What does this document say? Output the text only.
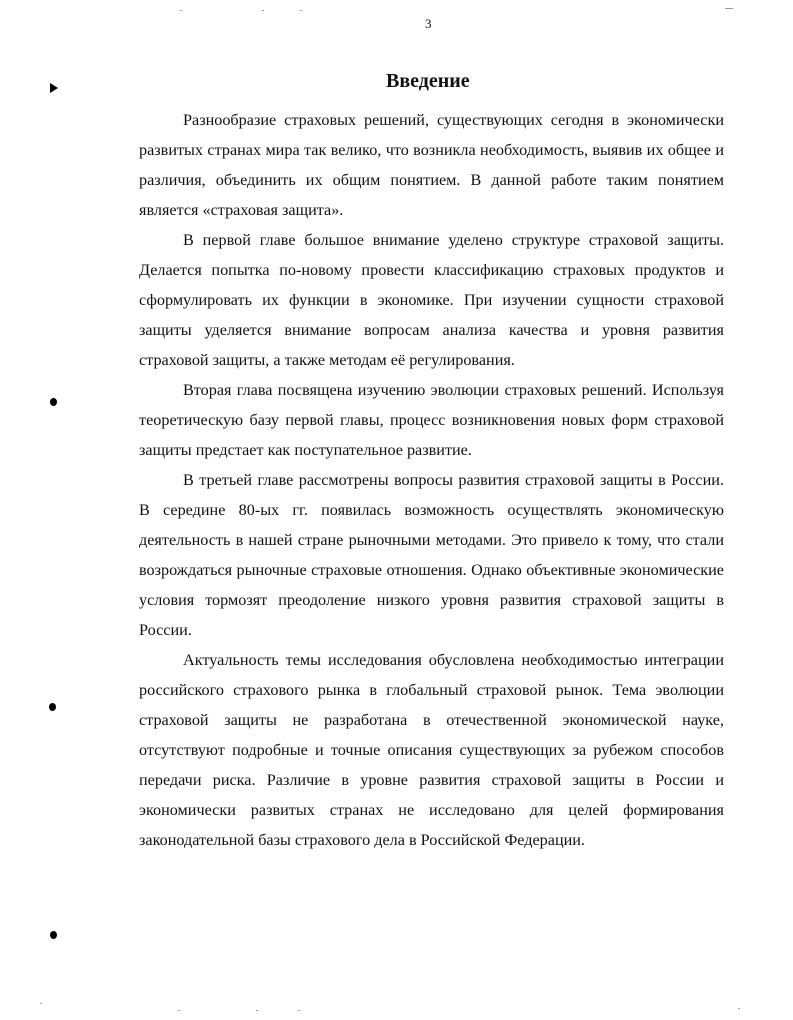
3
Введение

Разнообразие страховых решений, существующих сегодня в экономически развитых странах мира так велико, что возникла необходимость, выявив их общее и различия, объединить их общим понятием. В данной работе таким понятием является «страховая защита».

В первой главе большое внимание уделено структуре страховой защиты. Делается попытка по-новому провести классификацию страховых продуктов и сформулировать их функции в экономике. При изучении сущности страховой защиты уделяется внимание вопросам анализа качества и уровня развития страховой защиты, а также методам её регулирования.

Вторая глава посвящена изучению эволюции страховых решений. Используя теоретическую базу первой главы, процесс возникновения новых форм страховой защиты предстает как поступательное развитие.

В третьей главе рассмотрены вопросы развития страховой защиты в России. В середине 80-ых гг. появилась возможность осуществлять экономическую деятельность в нашей стране рыночными методами. Это привело к тому, что стали возрождаться рыночные страховые отношения. Однако объективные экономические условия тормозят преодоление низкого уровня развития страховой защиты в России.

Актуальность темы исследования обусловлена необходимостью интеграции российского страхового рынка в глобальный страховой рынок. Тема эволюции страховой защиты не разработана в отечественной экономической науке, отсутствуют подробные и точные описания существующих за рубежом способов передачи риска. Различие в уровне развития страховой защиты в России и экономически развитых странах не исследовано для целей формирования законодательной базы страхового дела в Российской Федерации.
